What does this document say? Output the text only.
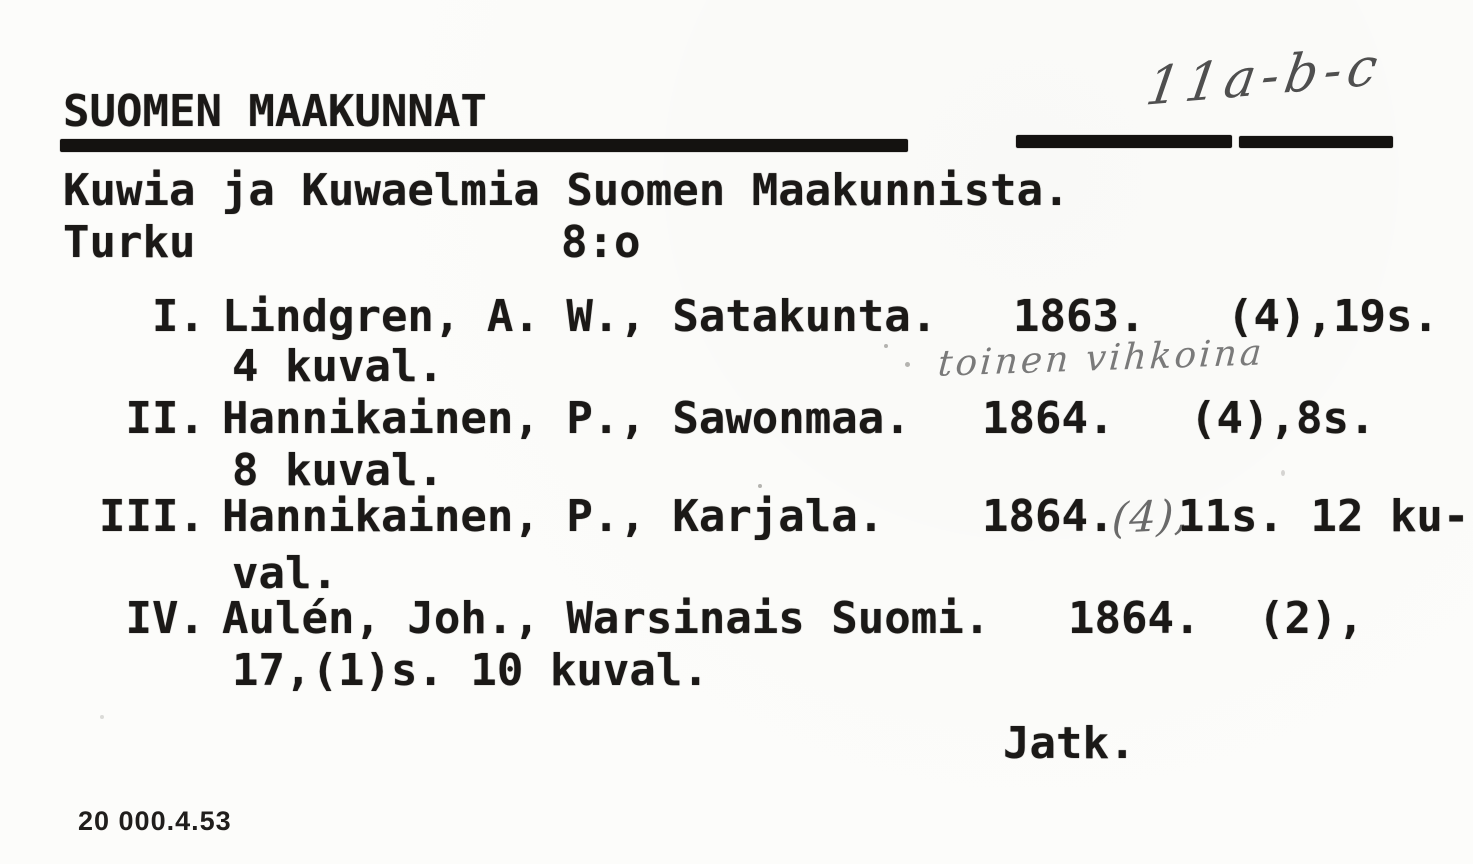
SUOMEN MAAKUNNAT	11a-b-c
Kuwia ja Kuwaelmia Suomen Maakunnista.
Turku	8:o
I. Lindgren, A. W., Satakunta. 1863. (4),19s.
toinen vihkoina
4 kuval.
II. Hannikainen, P., Sawonmaa. 1864. (4),8s.
8 kuval.
III. Hannikainen, P., Karjala. 1864.
(4),
11s. 12 ku-
val.
IV. Aulén, Joh., Warsinais Suomi. 1864. (2),
17,(1)s. 10 kuval.
Jatk.
20 000.4.53
